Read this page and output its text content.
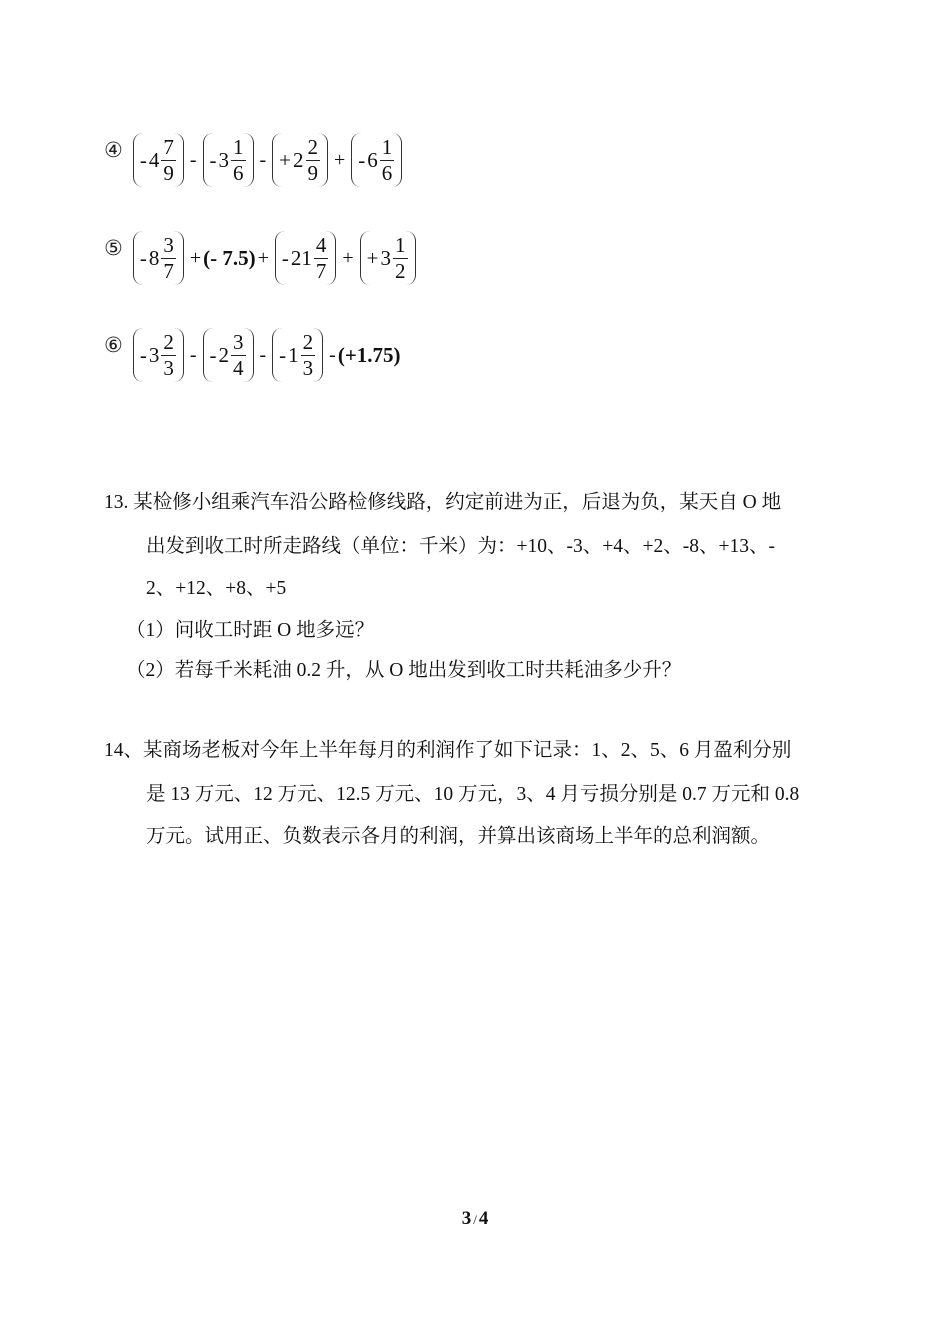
④ - $4 \frac{7}{9}$ - - $3 \frac{1}{6}$ - + $2 \frac{2}{9}$ + - $6 \frac{1}{6}$
⑤ - $8 \frac{3}{7}$ + (- 7.5) + - $21 \frac{4}{7}$ + + $3 \frac{1}{2}$
⑥ - $3 \frac{2}{3}$ - - $2 \frac{3}{4}$ - - $1 \frac{2}{3} - (+1.75)$
13. 某检修小组乘汽车沿公路检修线路，约定前进为正，后退为负，某天自 O 地
出发到收工时所走路线（单位：千米）为：+10、-3、+4、+2、-8、+13、-
2、+12、+8、+5
（1）问收工时距 O 地多远？
（2）若每千米耗油 0.2 升，从 O 地出发到收工时共耗油多少升？
14、某商场老板对今年上半年每月的利润作了如下记录：1、2、5、6 月盈利分别
是 13 万元、12 万元、12.5 万元、10 万元，3、4 月亏损分别是 0.7 万元和 0.8
万元。试用正、负数表示各月的利润，并算出该商场上半年的总利润额。
3 / 4
